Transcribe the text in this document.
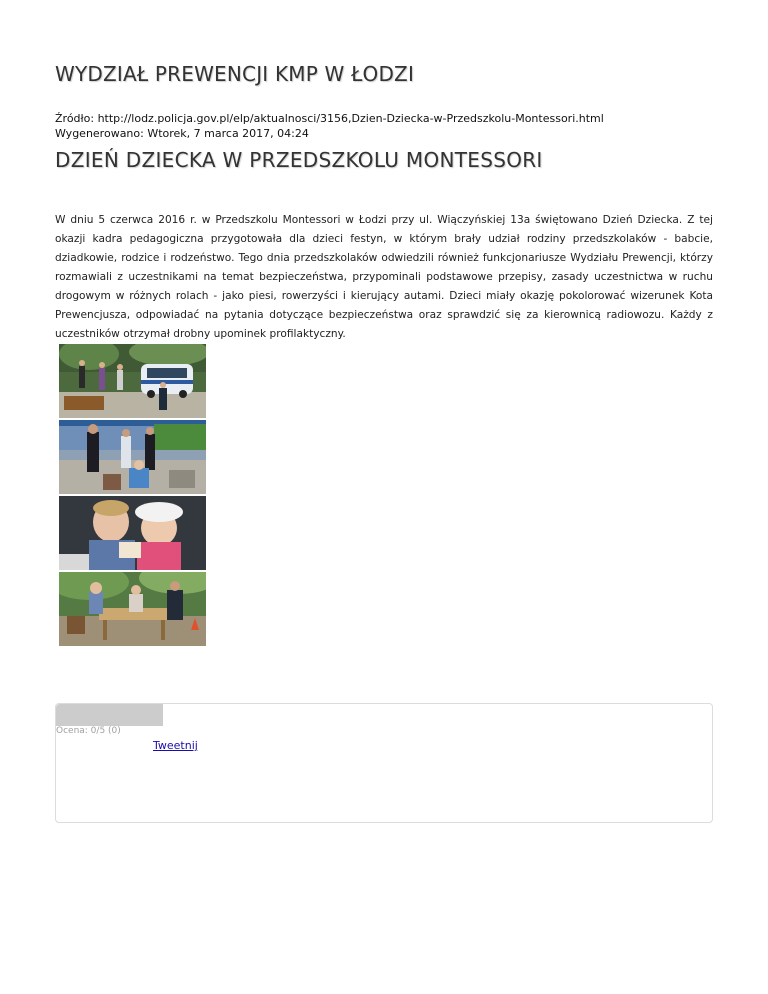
WYDZIAŁ PREWENCJI KMP W ŁODZI
Źródło: http://lodz.policja.gov.pl/elp/aktualnosci/3156,Dzien-Dziecka-w-Przedszkolu-Montessori.html
Wygenerowano: Wtorek, 7 marca 2017, 04:24
DZIEŃ DZIECKA W PRZEDSZKOLU MONTESSORI

W dniu 5 czerwca 2016 r. w Przedszkolu Montessori w Łodzi przy ul. Wiączyńskiej 13a świętowano Dzień Dziecka. Z tej okazji kadra pedagogiczna przygotowała dla dzieci festyn, w którym brały udział rodziny przedszkolaków - babcie, dziadkowie, rodzice i rodzeństwo. Tego dnia przedszkolaków odwiedzili również funkcjonariusze Wydziału Prewencji, którzy rozmawiali z uczestnikami na temat bezpieczeństwa, przypominali podstawowe przepisy, zasady uczestnictwa w ruchu drogowym w różnych rolach - jako piesi, rowerzyści i kierujący autami. Dzieci miały okazję pokolorować wizerunek Kota Prewencjusza, odpowiadać na pytania dotyczące bezpieczeństwa oraz sprawdzić się za kierownicą radiowozu. Każdy z uczestników otrzymał drobny upominek profilaktyczny.

Ocena: 0/5 (0)
Tweetnij
